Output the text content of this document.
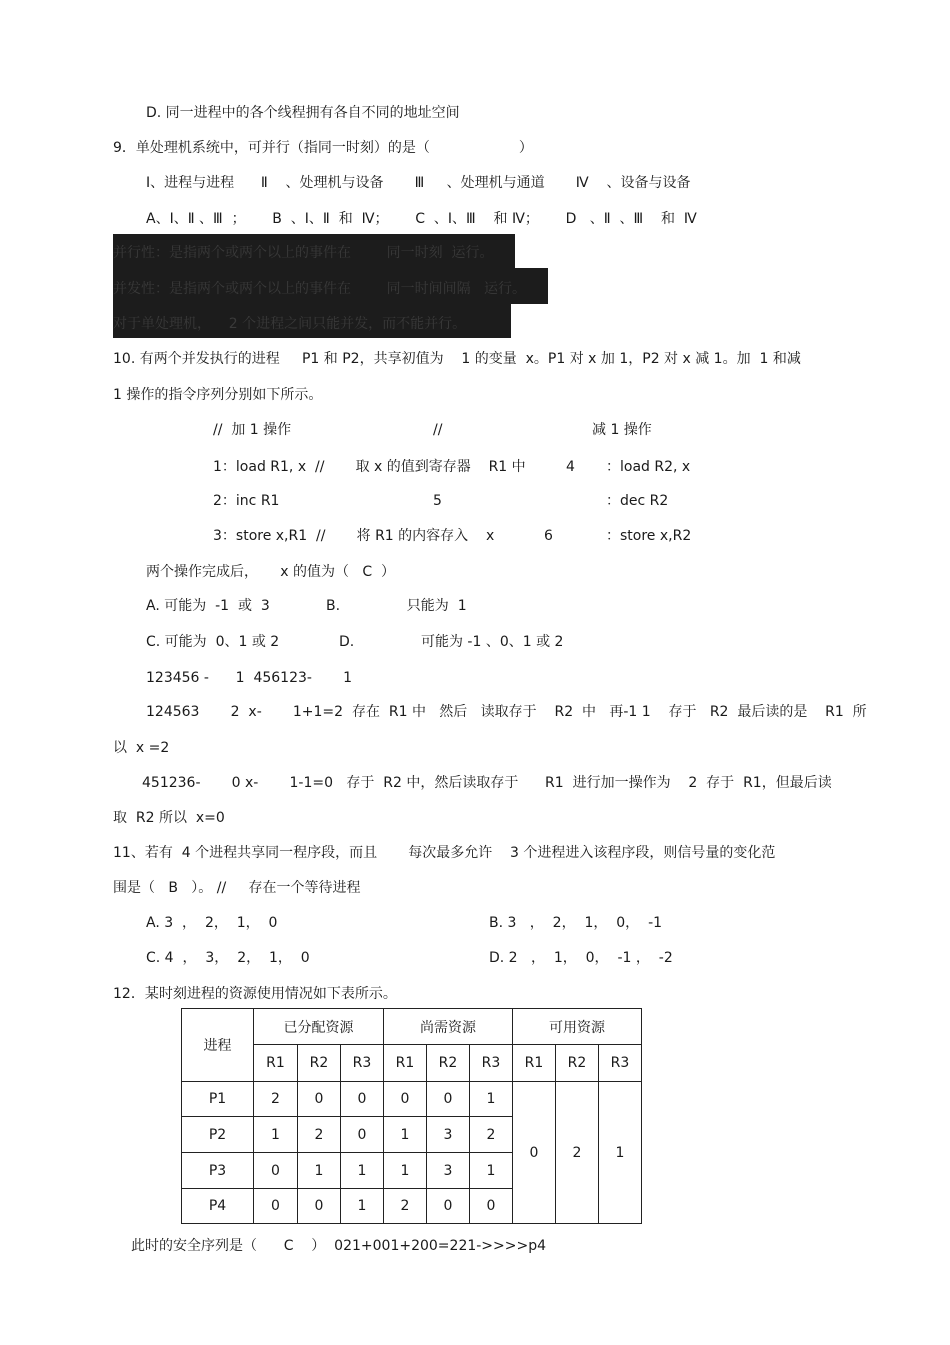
D. 同一进程中的各个线程拥有各自不同的地址空间
9．单处理机系统中，可并行（指同一时刻）的是（                    ）
Ⅰ、进程与进程      Ⅱ    、处理机与设备       Ⅲ     、处理机与通道       Ⅳ    、设备与设备
A、Ⅰ、Ⅱ 、Ⅲ  ；      B  、Ⅰ、Ⅱ  和  Ⅳ；      C  、Ⅰ、Ⅲ    和 Ⅳ；      D   、Ⅱ  、Ⅲ    和  Ⅳ
并行性：是指两个或两个以上的事件在        同一时刻  运行。
并发性：是指两个或两个以上的事件在        同一时间间隔   运行。
对于单处理机，    2 个进程之间只能并发，而不能并行。
10. 有两个并发执行的进程     P1 和 P2，共享初值为    1 的变量  x。P1 对 x 加 1，P2 对 x 减 1。加  1 和减
1 操作的指令序列分别如下所示。
//  加 1 操作	//	减 1 操作
1：load R1, x  //       取 x 的值到寄存器    R1 中	4 ：load R2, x
2：inc R1	5	：dec R2
3：store x,R1  //       将 R1 的内容存入    x	6	：store x,R2
两个操作完成后，     x 的值为（   C  ）
A. 可能为  -1  或  3	B.               只能为  1
C. 可能为  0、1 或 2	D.               可能为 -1 、0、1 或 2
123456 -      1  456123-       1
124563       2  x-       1+1=2  存在  R1 中   然后   读取存于    R2  中   再-1 1    存于   R2  最后读的是    R1  所
以  x =2
451236-       0 x-       1-1=0   存于  R2 中，然后读取存于      R1  进行加一操作为    2  存于  R1，但最后读
取  R2 所以  x=0
11、若有  4 个进程共享同一程序段，而且       每次最多允许    3 个进程进入该程序段，则信号量的变化范
围是（   B   ）。 //     存在一个等待进程
A. 3  ，  2，  1，  0	B. 3   ，  2，  1，  0，  -1
C. 4  ，  3，  2，  1，  0	D. 2   ，  1，  0，  -1 ，  -2
12．某时刻进程的资源使用情况如下表所示。
进程	已分配资源			尚需资源			可用资源		
	R1	R2	R3	R1	R2	R3	R1	R2	R3
P1	2	0	0	0	0	1	0	2	1
P2	1	2	0	1	3	2			
P3	0	1	1	1	3	1			
P4	0	0	1	2	0	0			
此时的安全序列是（      C    ）  021+001+200=221->>>>p4
